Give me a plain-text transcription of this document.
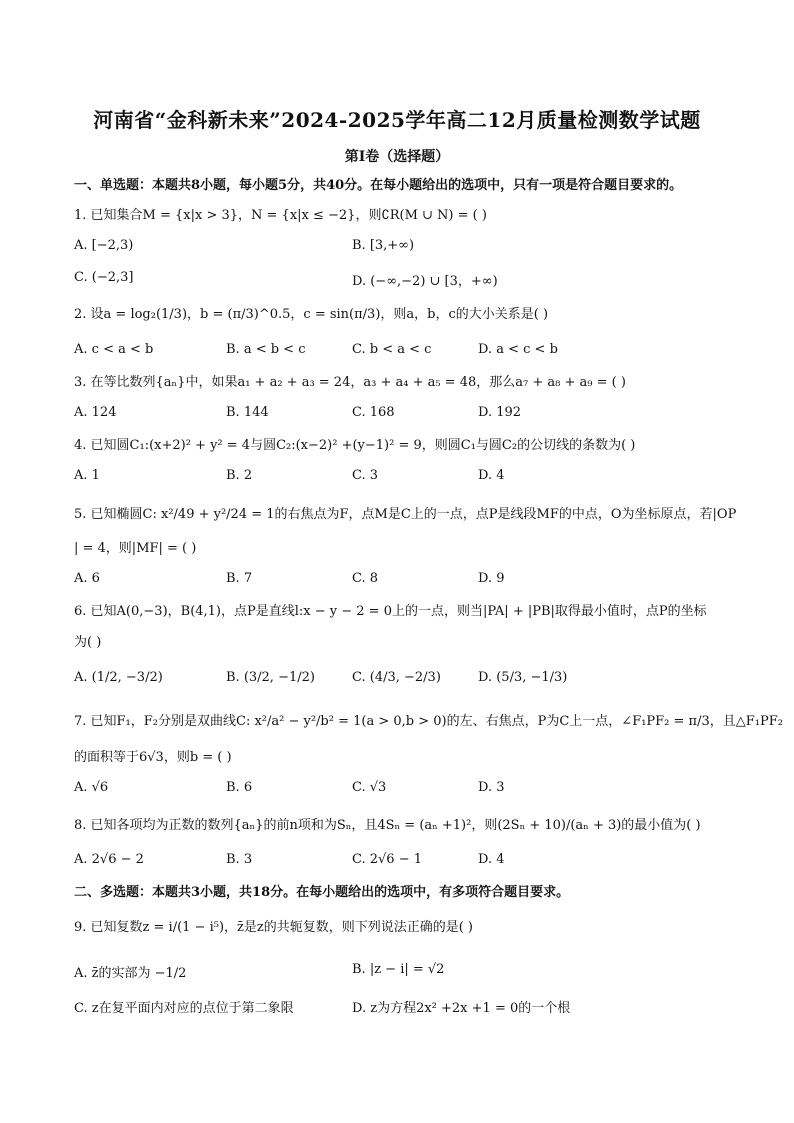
河南省“金科新未来”2024-2025学年高二12月质量检测数学试题
第I卷（选择题）
一、单选题：本题共8小题，每小题5分，共40分。在每小题给出的选项中，只有一项是符合题目要求的。
1. 已知集合M = {x|x > 3}，N = {x|x ≤ −2}，则∁R(M ∪ N) = ( )
A. [−2,3)	B. [3,+∞)
C. (−2,3]	D. (−∞,−2) ∪ [3，+∞)
2. 设a = log₂(1/3)，b = (π/3)^0.5，c = sin(π/3)，则a，b，c的大小关系是( )
A. c < a < b	B. a < b < c	C. b < a < c	D. a < c < b
3. 在等比数列{aₙ}中，如果a₁ + a₂ + a₃ = 24，a₃ + a₄ + a₅ = 48，那么a₇ + a₈ + a₉ = ( )
A. 124	B. 144	C. 168	D. 192
4. 已知圆C₁:(x+2)² + y² = 4与圆C₂:(x−2)² +(y−1)² = 9，则圆C₁与圆C₂的公切线的条数为( )
A. 1	B. 2	C. 3	D. 4
5. 已知椭圆C: x²/49 + y²/24 = 1的右焦点为F，点M是C上的一点，点P是线段MF的中点，O为坐标原点，若|OP
| = 4，则|MF| = ( )
A. 6	B. 7	C. 8	D. 9
6. 已知A(0,−3)，B(4,1)，点P是直线l:x − y − 2 = 0上的一点，则当|PA| + |PB|取得最小值时，点P的坐标
为( )
A. (1/2, −3/2)	B. (3/2, −1/2)	C. (4/3, −2/3)	D. (5/3, −1/3)
7. 已知F₁，F₂分别是双曲线C: x²/a² − y²/b² = 1(a > 0,b > 0)的左、右焦点，P为C上一点，∠F₁PF₂ = π/3，且△F₁PF₂
的面积等于6√3，则b = ( )
A. √6	B. 6	C. √3	D. 3
8. 已知各项均为正数的数列{aₙ}的前n项和为Sₙ，且4Sₙ = (aₙ +1)²，则(2Sₙ + 10)/(aₙ + 3)的最小值为( )
A. 2√6 − 2	B. 3	C. 2√6 − 1	D. 4
二、多选题：本题共3小题，共18分。在每小题给出的选项中，有多项符合题目要求。
9. 已知复数z = i/(1 − i⁵)，z̄是z的共轭复数，则下列说法正确的是( )
A. z̄的实部为 −1/2	B. |z − i| = √2
C. z在复平面内对应的点位于第二象限	D. z为方程2x² +2x +1 = 0的一个根
